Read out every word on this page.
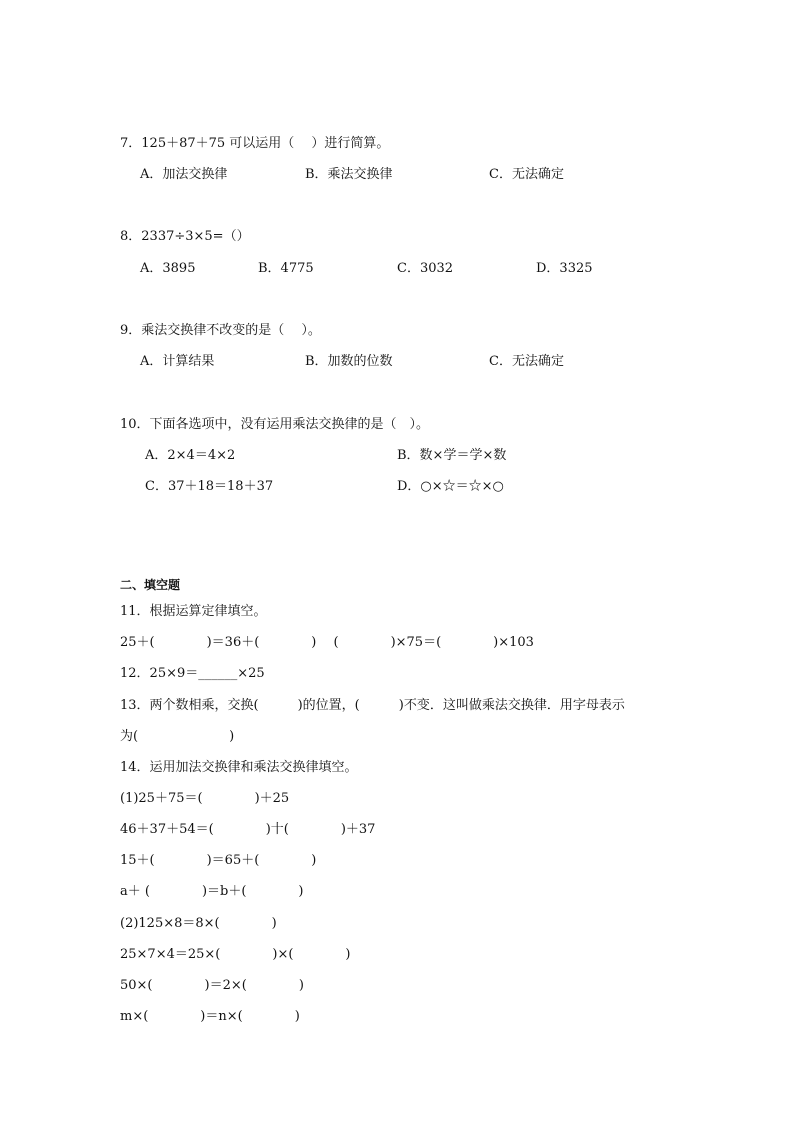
7．125＋87＋75 可以运用（　 ）进行简算。
A．加法交换律	B．乘法交换律	C．无法确定
8．2337÷3×5=（）
A．3895	B．4775	C．3032	D．3325
9．乘法交换律不改变的是（　 ）。
A．计算结果	B．加数的位数	C．无法确定
10．下面各选项中，没有运用乘法交换律的是（　）。
A．2×4＝4×2	B．数×学＝学×数
C．37＋18＝18＋37	D．○×☆＝☆×○
二、填空题
11．根据运算定律填空。
25＋(　　　　)＝36＋(　　　　)　 (　　　　)×75＝(　　　　)×103
12．25×9＝______×25
13．两个数相乘，交换(　　　)的位置，(　　　)不变．这叫做乘法交换律．用字母表示
为(　　　　　　　)
14．运用加法交换律和乘法交换律填空。
(1)25＋75＝(　　　　)＋25
46＋37＋54＝(　　　　)十(　　　　)＋37
15＋(　　　　)＝65＋(　　　　)
a＋ (　　　　)＝b＋(　　　　)
(2)125×8＝8×(　　　　)
25×7×4＝25×(　　　　)×(　　　　)
50×(　　　　)＝2×(　　　　)
m×(　　　　)＝n×(　　　　)
